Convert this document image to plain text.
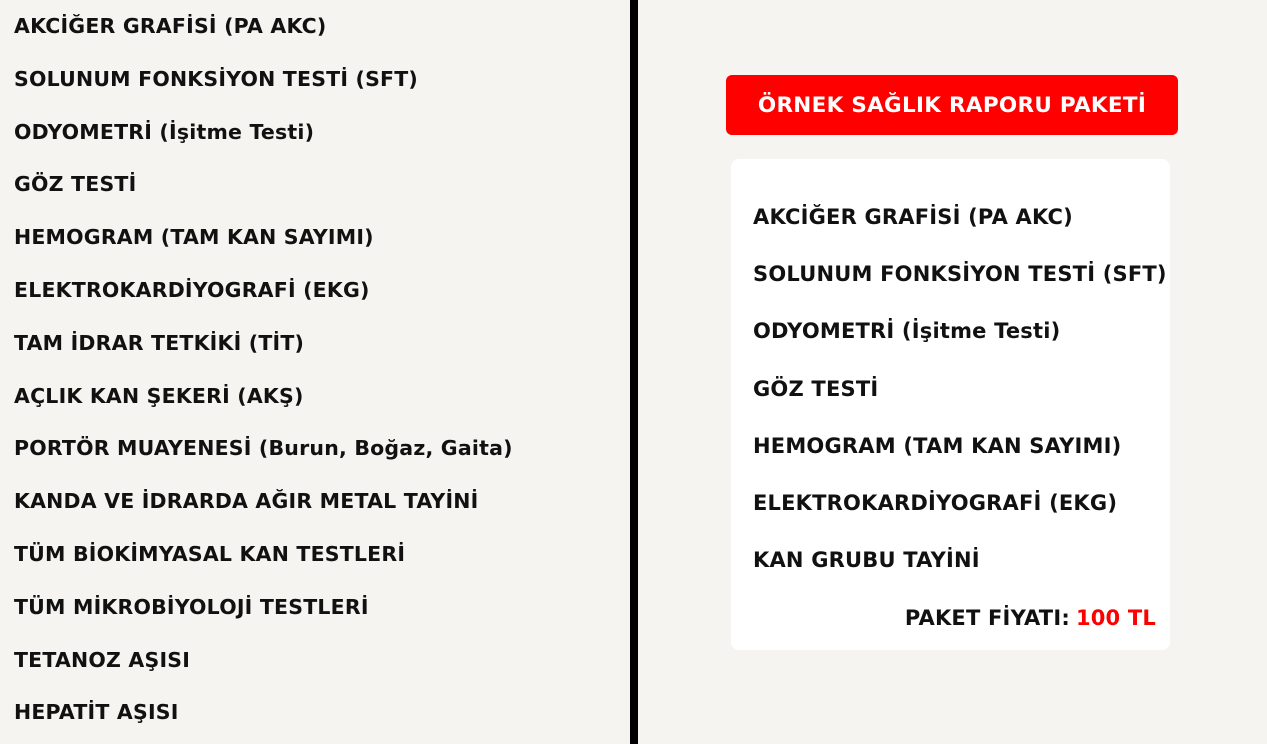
AKCİĞER GRAFİSİ (PA AKC)
SOLUNUM FONKSİYON TESTİ (SFT)
ODYOMETRİ (İşitme Testi)
GÖZ TESTİ
HEMOGRAM (TAM KAN SAYIMI)
ELEKTROKARDİYOGRAFİ (EKG)
TAM İDRAR TETKİKİ (TİT)
AÇLIK KAN ŞEKERİ (AKŞ)
PORTÖR MUAYENESİ (Burun, Boğaz, Gaita)
KANDA VE İDRARDA AĞIR METAL TAYİNİ
TÜM BİOKİMYASAL KAN TESTLERİ
TÜM MİKROBİYOLOJİ TESTLERİ
TETANOZ AŞISI
HEPATİT AŞISI
ÖRNEK SAĞLIK RAPORU PAKETİ
AKCİĞER GRAFİSİ (PA AKC)
SOLUNUM FONKSİYON TESTİ (SFT)
ODYOMETRİ (İşitme Testi)
GÖZ TESTİ
HEMOGRAM (TAM KAN SAYIMI)
ELEKTROKARDİYOGRAFİ (EKG)
KAN GRUBU TAYİNİ
PAKET FİYATI: 100 TL
